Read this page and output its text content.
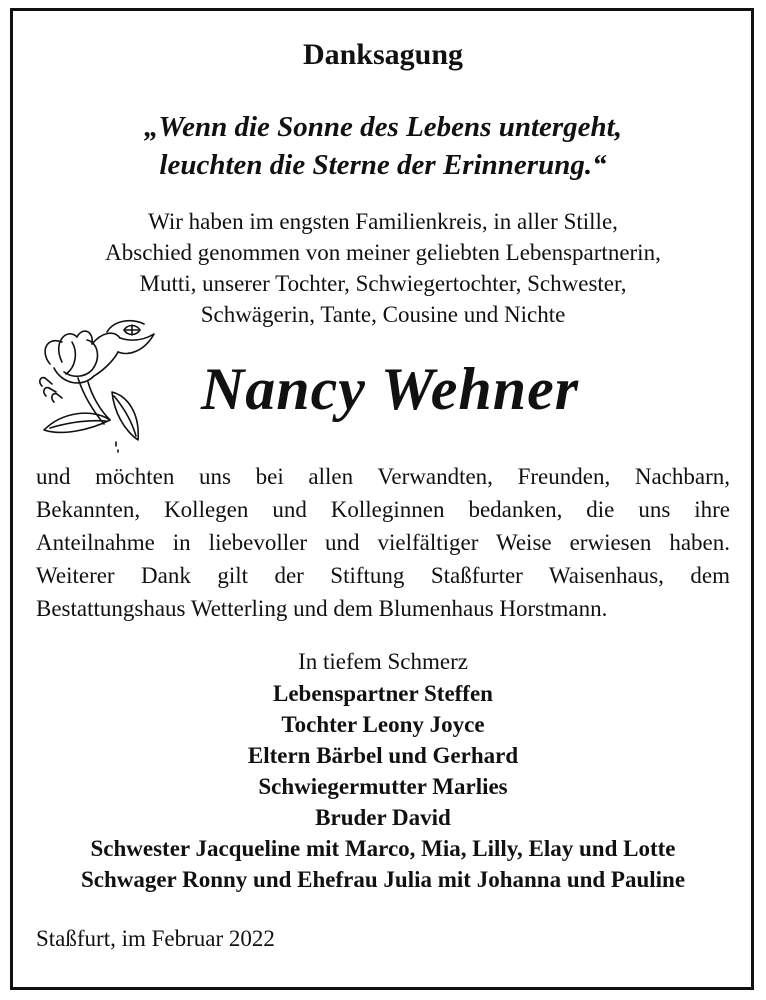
Danksagung
„Wenn die Sonne des Lebens untergeht,
leuchten die Sterne der Erinnerung.“
Wir haben im engsten Familienkreis, in aller Stille,
Abschied genommen von meiner geliebten Lebenspartnerin,
Mutti, unserer Tochter, Schwiegertochter, Schwester,
Schwägerin, Tante, Cousine und Nichte
Nancy Wehner
und möchten uns bei allen Verwandten, Freunden, Nachbarn,
Bekannten, Kollegen und Kolleginnen bedanken, die uns ihre
Anteilnahme in liebevoller und vielfältiger Weise erwiesen haben.
Weiterer Dank gilt der Stiftung Staßfurter Waisenhaus, dem
Bestattungshaus Wetterling und dem Blumenhaus Horstmann.
In tiefem Schmerz
Lebenspartner Steffen
Tochter Leony Joyce
Eltern Bärbel und Gerhard
Schwiegermutter Marlies
Bruder David
Schwester Jacqueline mit Marco, Mia, Lilly, Elay und Lotte
Schwager Ronny und Ehefrau Julia mit Johanna und Pauline
Staßfurt, im Februar 2022
